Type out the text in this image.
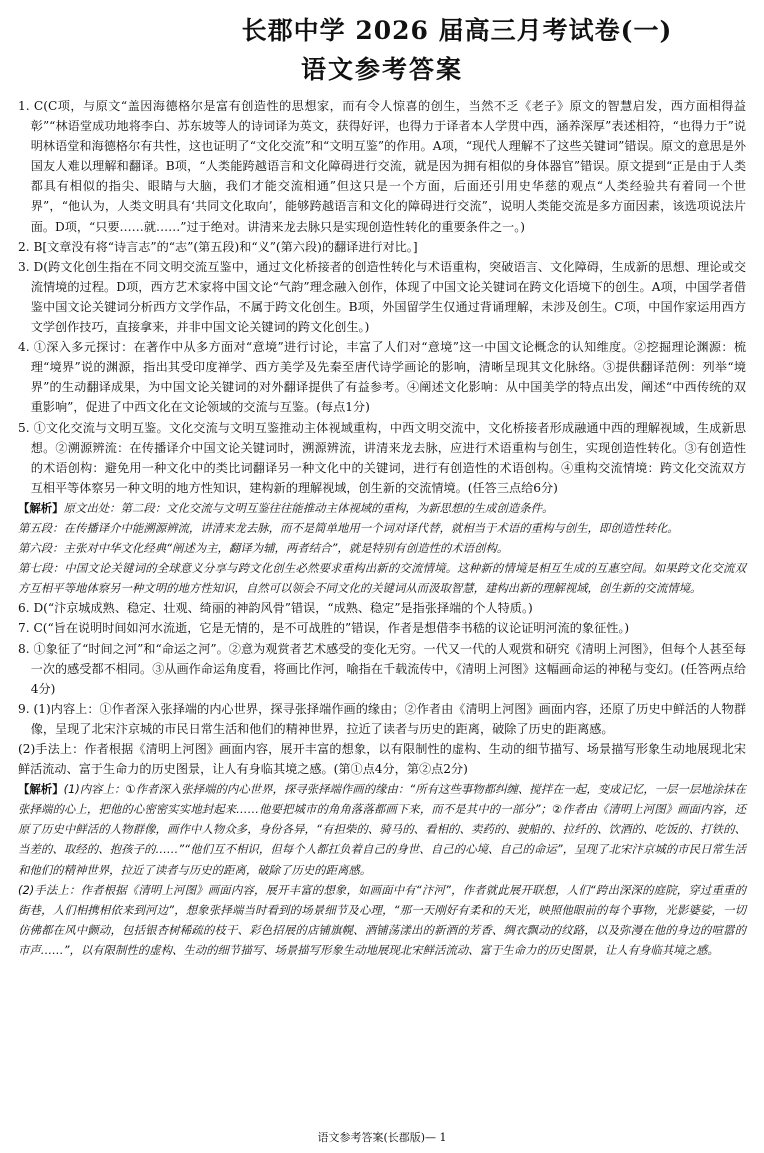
长郡中学 2026 届高三月考试卷(一)
语文参考答案

1. C(C项，与原文“盖因海德格尔是富有创造性的思想家，而有令人惊喜的创生，当然不乏《老子》原文的智慧启发，西方面相得益彰”“林语堂成功地将李白、苏东坡等人的诗词译为英文，获得好评，也得力于译者本人学贯中西，涵养深厚”表述相符，“也得力于”说明林语堂和海德格尔有共性，这也证明了“文化交流”和“文明互鉴”的作用。A项，“现代人理解不了这些关键词”错误。原文的意思是外国友人难以理解和翻译。B项，“人类能跨越语言和文化障碍进行交流，就是因为拥有相似的身体器官”错误。原文提到“正是由于人类都具有相似的指尖、眼睛与大脑，我们才能交流相通”但这只是一个方面，后面还引用史华慈的观点“人类经验共有着同一个世界”，“他认为，人类文明具有‘共同文化取向’，能够跨越语言和文化的障碍进行交流”，说明人类能交流是多方面因素，该选项说法片面。D项，“只要……就……”过于绝对。讲清来龙去脉只是实现创造性转化的重要条件之一。)

2. B[文章没有将“诗言志”的“志”(第五段)和“义”(第六段)的翻译进行对比。]

3. D(跨文化创生指在不同文明交流互鉴中，通过文化桥接者的创造性转化与术语重构，突破语言、文化障碍，生成新的思想、理论或交流情境的过程。D项，西方艺术家将中国文论“气韵”理念融入创作，体现了中国文论关键词在跨文化语境下的创生。A项，中国学者借鉴中国文论关键词分析西方文学作品，不属于跨文化创生。B项，外国留学生仅通过背诵理解，未涉及创生。C项，中国作家运用西方文学创作技巧，直接拿来，并非中国文论关键词的跨文化创生。)

4. ①深入多元探讨：在著作中从多方面对“意境”进行讨论，丰富了人们对“意境”这一中国文论概念的认知维度。②挖掘理论渊源：梳理“境界”说的渊源，指出其受印度禅学、西方美学及先秦至唐代诗学画论的影响，清晰呈现其文化脉络。③提供翻译范例：列举“境界”的生动翻译成果，为中国文论关键词的对外翻译提供了有益参考。④阐述文化影响：从中国美学的特点出发，阐述“中西传统的双重影响”，促进了中西文化在文论领域的交流与互鉴。(每点1分)

5. ①文化交流与文明互鉴。文化交流与文明互鉴推动主体视域重构，中西文明交流中，文化桥接者形成融通中西的理解视域，生成新思想。②溯源辨流：在传播译介中国文论关键词时，溯源辨流，讲清来龙去脉，应进行术语重构与创生，实现创造性转化。③有创造性的术语创构：避免用一种文化中的类比词翻译另一种文化中的关键词，进行有创造性的术语创构。④重构交流情境：跨文化交流双方互相平等体察另一种文明的地方性知识，建构新的理解视域，创生新的交流情境。(任答三点给6分)

【解析】原文出处：第二段：文化交流与文明互鉴往往能推动主体视域的重构，为新思想的生成创造条件。

第五段：在传播译介中能溯源辨流，讲清来龙去脉，而不是简单地用一个词对译代替，就相当于术语的重构与创生，即创造性转化。

第六段：主张对中华文化经典“阐述为主，翻译为辅，两者结合”，就是特别有创造性的术语创构。

第七段：中国文论关键词的全球意义分享与跨文化创生必然要求重构出新的交流情境。这种新的情境是相互生成的互惠空间。如果跨文化交流双方互相平等地体察另一种文明的地方性知识，自然可以领会不同文化的关键词从而汲取智慧，建构出新的理解视域，创生新的交流情境。

6. D(“汴京城成熟、稳定、壮观、绮丽的神韵风骨”错误，“成熟、稳定”是指张择端的个人特质。)

7. C(“旨在说明时间如河水流逝，它是无情的，是不可战胜的”错误，作者是想借李书嵇的议论证明河流的象征性。)

8. ①象征了“时间之河”和“命运之河”。②意为观赏者艺术感受的变化无穷。一代又一代的人观赏和研究《清明上河图》，但每个人甚至每一次的感受都不相同。③从画作命运角度看，将画比作河，喻指在千载流传中，《清明上河图》这幅画命运的神秘与变幻。(任答两点给4分)

9. (1)内容上：①作者深入张择端的内心世界，探寻张择端作画的缘由；②作者由《清明上河图》画面内容，还原了历史中鲜活的人物群像，呈现了北宋汴京城的市民日常生活和他们的精神世界，拉近了读者与历史的距离，破除了历史的距离感。

(2)手法上：作者根据《清明上河图》画面内容，展开丰富的想象，以有限制性的虚构、生动的细节描写、场景描写形象生动地展现北宋鲜活流动、富于生命力的历史图景，让人有身临其境之感。(第①点4分，第②点2分)

【解析】(1)内容上：①作者深入张择端的内心世界，探寻张择端作画的缘由：“所有这些事物都纠缠、搅拌在一起，变成记忆，一层一层地涂抹在张择端的心上，把他的心密密实实地封起来……他要把城市的角角落落都画下来，而不是其中的一部分”；②作者由《清明上河图》画面内容，还原了历史中鲜活的人物群像，画作中人物众多，身份各异，“有担柴的、骑马的、看相的、卖药的、驶船的、拉纤的、饮酒的、吃饭的、打铁的、当差的、取经的、抱孩子的……”“他们互不相识，但每个人都扛负着自己的身世、自己的心境、自己的命运”，呈现了北宋汴京城的市民日常生活和他们的精神世界，拉近了读者与历史的距离，破除了历史的距离感。

(2)手法上：作者根据《清明上河图》画面内容，展开丰富的想象，如画面中有“汴河”，作者就此展开联想，人们“跨出深深的庭院，穿过重重的街巷，人们相携相依来到河边”，想象张择端当时看到的场景细节及心理，“那一天刚好有柔和的天光，映照他眼前的每个事物，光影婆娑，一切仿佛都在风中颤动，包括银杏树稀疏的枝干、彩色招展的店铺旗幌、酒铺荡漾出的新酒的芳香、绸衣飘动的纹路，以及弥漫在他的身边的喧嚣的市声……”，以有限制性的虚构、生动的细节描写、场景描写形象生动地展现北宋鲜活流动、富于生命力的历史图景，让人有身临其境之感。

语文参考答案(长郡版)— 1
